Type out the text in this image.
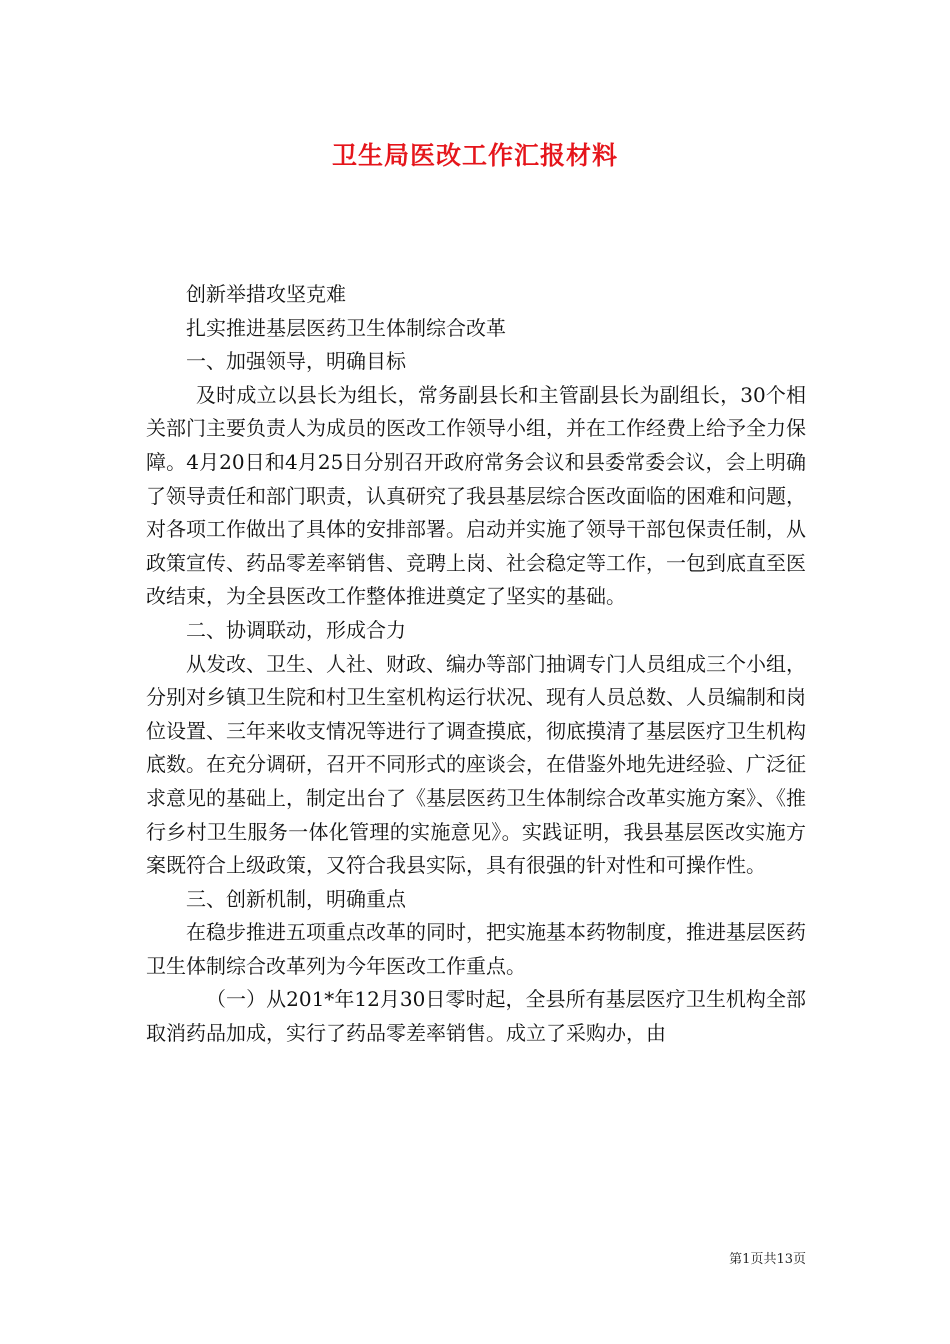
卫生局医改工作汇报材料

创新举措攻坚克难

扎实推进基层医药卫生体制综合改革

一、加强领导，明确目标

及时成立以县长为组长，常务副县长和主管副县长为副组长，30个相关部门主要负责人为成员的医改工作领导小组，并在工作经费上给予全力保障。4月20日和4月25日分别召开政府常务会议和县委常委会议，会上明确了领导责任和部门职责，认真研究了我县基层综合医改面临的困难和问题，对各项工作做出了具体的安排部署。启动并实施了领导干部包保责任制，从政策宣传、药品零差率销售、竞聘上岗、社会稳定等工作，一包到底直至医改结束，为全县医改工作整体推进奠定了坚实的基础。

二、协调联动，形成合力

从发改、卫生、人社、财政、编办等部门抽调专门人员组成三个小组，分别对乡镇卫生院和村卫生室机构运行状况、现有人员总数、人员编制和岗位设置、三年来收支情况等进行了调查摸底，彻底摸清了基层医疗卫生机构底数。在充分调研，召开不同形式的座谈会，在借鉴外地先进经验、广泛征求意见的基础上，制定出台了《基层医药卫生体制综合改革实施方案》、《推行乡村卫生服务一体化管理的实施意见》。实践证明，我县基层医改实施方案既符合上级政策，又符合我县实际，具有很强的针对性和可操作性。

三、创新机制，明确重点

在稳步推进五项重点改革的同时，把实施基本药物制度，推进基层医药卫生体制综合改革列为今年医改工作重点。

（一）从201*年12月30日零时起，全县所有基层医疗卫生机构全部取消药品加成，实行了药品零差率销售。成立了采购办，由

第1页共13页
